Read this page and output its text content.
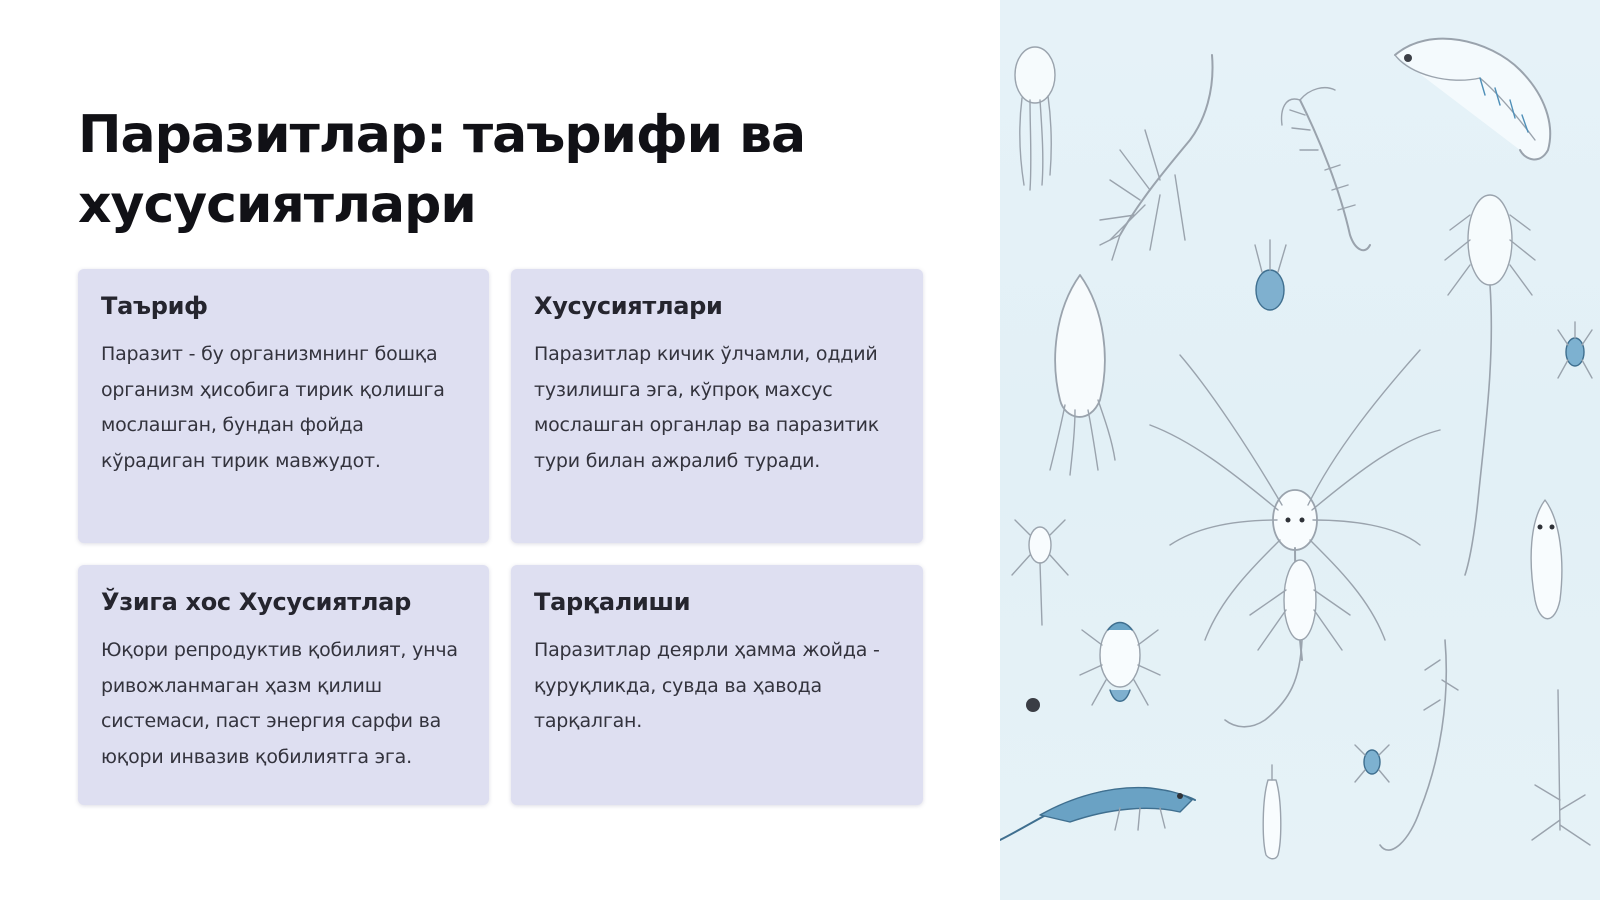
Паразитлар: таърифи ва хусусиятлари
Таъриф

Паразит - бу организмнинг бошқа организм ҳисобига тирик қолишга мослашган, бундан фойда кўрадиган тирик мавжудот.

Хусусиятлари

Паразитлар кичик ўлчамли, оддий тузилишга эга, кўпроқ махсус мослашган органлар ва паразитик тури билан ажралиб туради.

Ўзига хос Хусусиятлар

Юқори репродуктив қобилият, унча ривожланмаган ҳазм қилиш системаси, паст энергия сарфи ва юқори инвазив қобилиятга эга.

Тарқалиши

Паразитлар деярли ҳамма жойда - қуруқликда, сувда ва ҳаводa тарқалган.
